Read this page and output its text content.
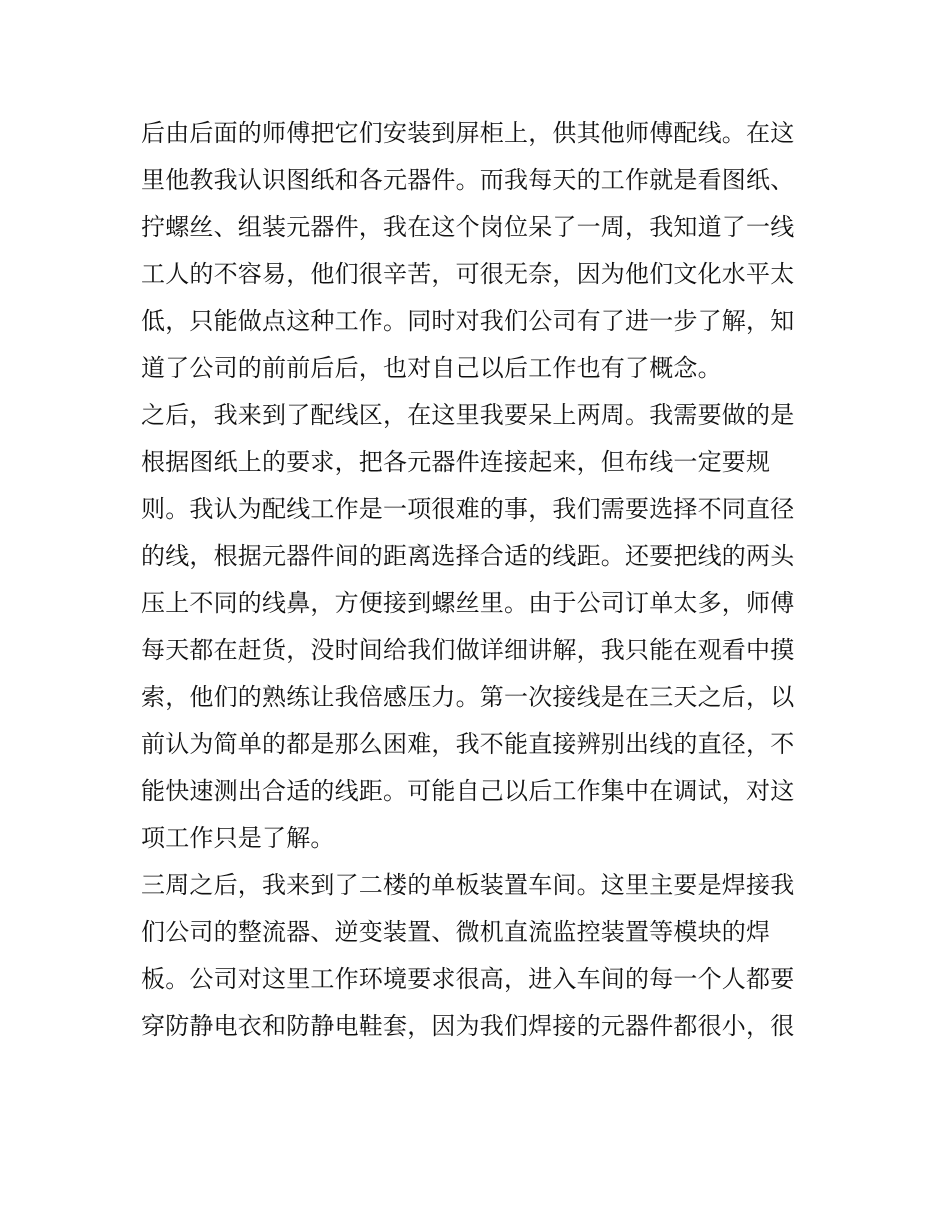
后由后面的师傅把它们安装到屏柜上，供其他师傅配线。在这
里他教我认识图纸和各元器件。而我每天的工作就是看图纸、
拧螺丝、组装元器件，我在这个岗位呆了一周，我知道了一线
工人的不容易，他们很辛苦，可很无奈，因为他们文化水平太
低，只能做点这种工作。同时对我们公司有了进一步了解，知
道了公司的前前后后，也对自己以后工作也有了概念。
之后，我来到了配线区，在这里我要呆上两周。我需要做的是
根据图纸上的要求，把各元器件连接起来，但布线一定要规
则。我认为配线工作是一项很难的事，我们需要选择不同直径
的线，根据元器件间的距离选择合适的线距。还要把线的两头
压上不同的线鼻，方便接到螺丝里。由于公司订单太多，师傅
每天都在赶货，没时间给我们做详细讲解，我只能在观看中摸
索，他们的熟练让我倍感压力。第一次接线是在三天之后，以
前认为简单的都是那么困难，我不能直接辨别出线的直径，不
能快速测出合适的线距。可能自己以后工作集中在调试，对这
项工作只是了解。
三周之后，我来到了二楼的单板装置车间。这里主要是焊接我
们公司的整流器、逆变装置、微机直流监控装置等模块的焊
板。公司对这里工作环境要求很高，进入车间的每一个人都要
穿防静电衣和防静电鞋套，因为我们焊接的元器件都很小，很
